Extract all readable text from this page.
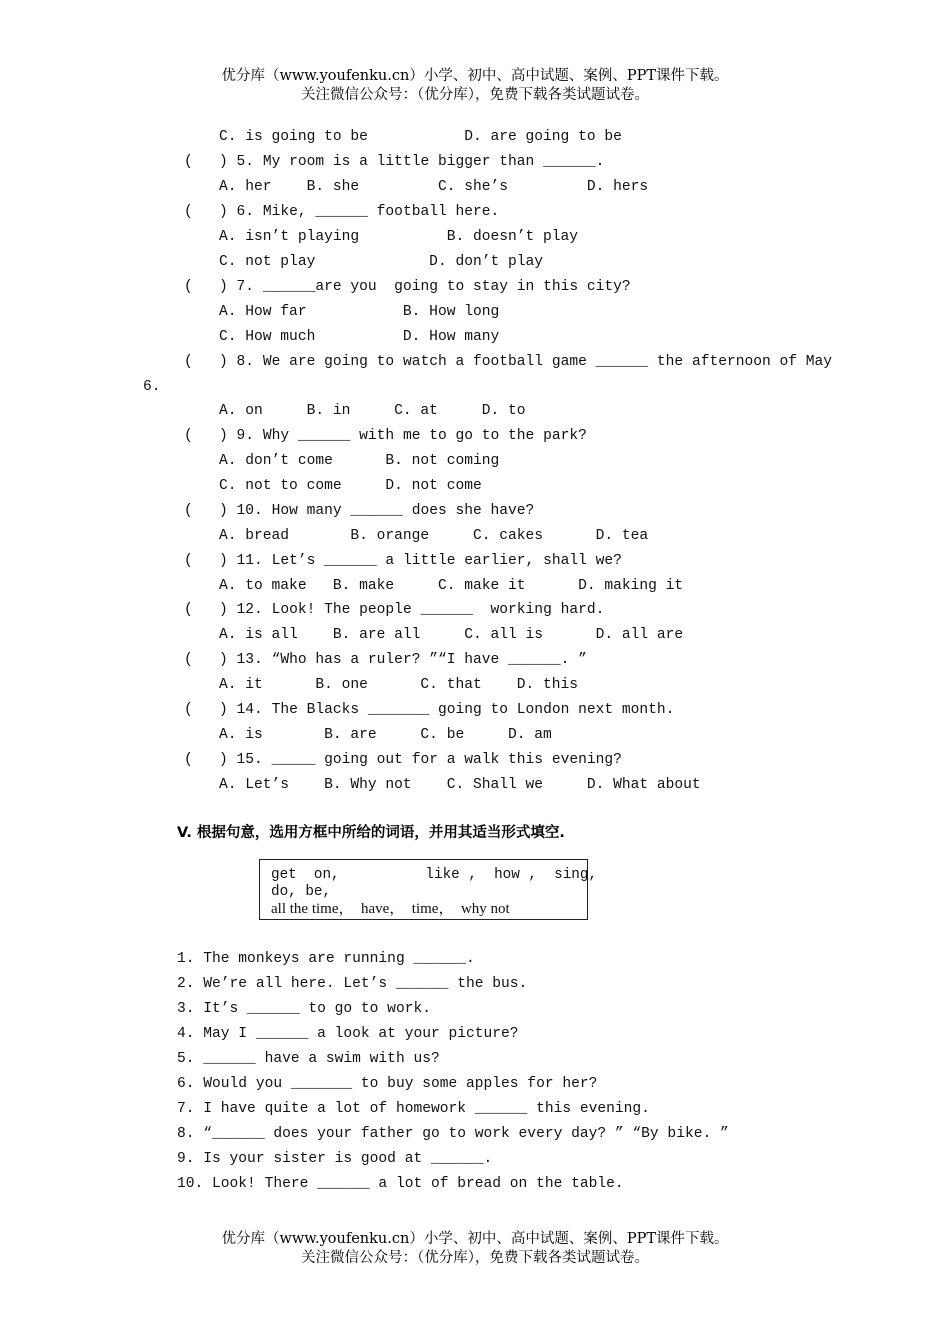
优分库（www.youfenku.cn）小学、初中、高中试题、案例、PPT课件下载。
关注微信公众号：（优分库），免费下载各类试题试卷。
C. is going to be           D. are going to be
(   ) 5. My room is a little bigger than ______.
A. her    B. she         C. she’s         D. hers
(   ) 6. Mike, ______ football here.
A. isn’t playing          B. doesn’t play
C. not play             D. don’t play
(   ) 7. ______are you  going to stay in this city?
A. How far           B. How long
C. How much          D. How many
(   ) 8. We are going to watch a football game ______ the afternoon of May
6.
A. on     B. in     C. at     D. to
(   ) 9. Why ______ with me to go to the park?
A. don’t come      B. not coming
C. not to come     D. not come
(   ) 10. How many ______ does she have?
A. bread       B. orange     C. cakes      D. tea
(   ) 11. Let’s ______ a little earlier, shall we?
A. to make   B. make     C. make it      D. making it
(   ) 12. Look! The people ______  working hard.
A. is all    B. are all     C. all is      D. all are
(   ) 13. “Who has a ruler? ”“I have ______. ”
A. it      B. one      C. that    D. this
(   ) 14. The Blacks _______ going to London next month.
A. is       B. are     C. be     D. am
(   ) 15. _____ going out for a walk this evening?
A. Let’s    B. Why not    C. Shall we     D. What about
V. 根据句意，选用方框中所给的词语，并用其适当形式填空.
get  on,          like ,  how ,  sing,
do, be,
all the time，  have，  time，  why not
1. The monkeys are running ______.
2. We’re all here. Let’s ______ the bus.
3. It’s ______ to go to work.
4. May I ______ a look at your picture?
5. ______ have a swim with us?
6. Would you _______ to buy some apples for her?
7. I have quite a lot of homework ______ this evening.
8. “______ does your father go to work every day? ” “By bike. ”
9. Is your sister is good at ______.
10. Look! There ______ a lot of bread on the table.
优分库（www.youfenku.cn）小学、初中、高中试题、案例、PPT课件下载。
关注微信公众号：（优分库），免费下载各类试题试卷。
